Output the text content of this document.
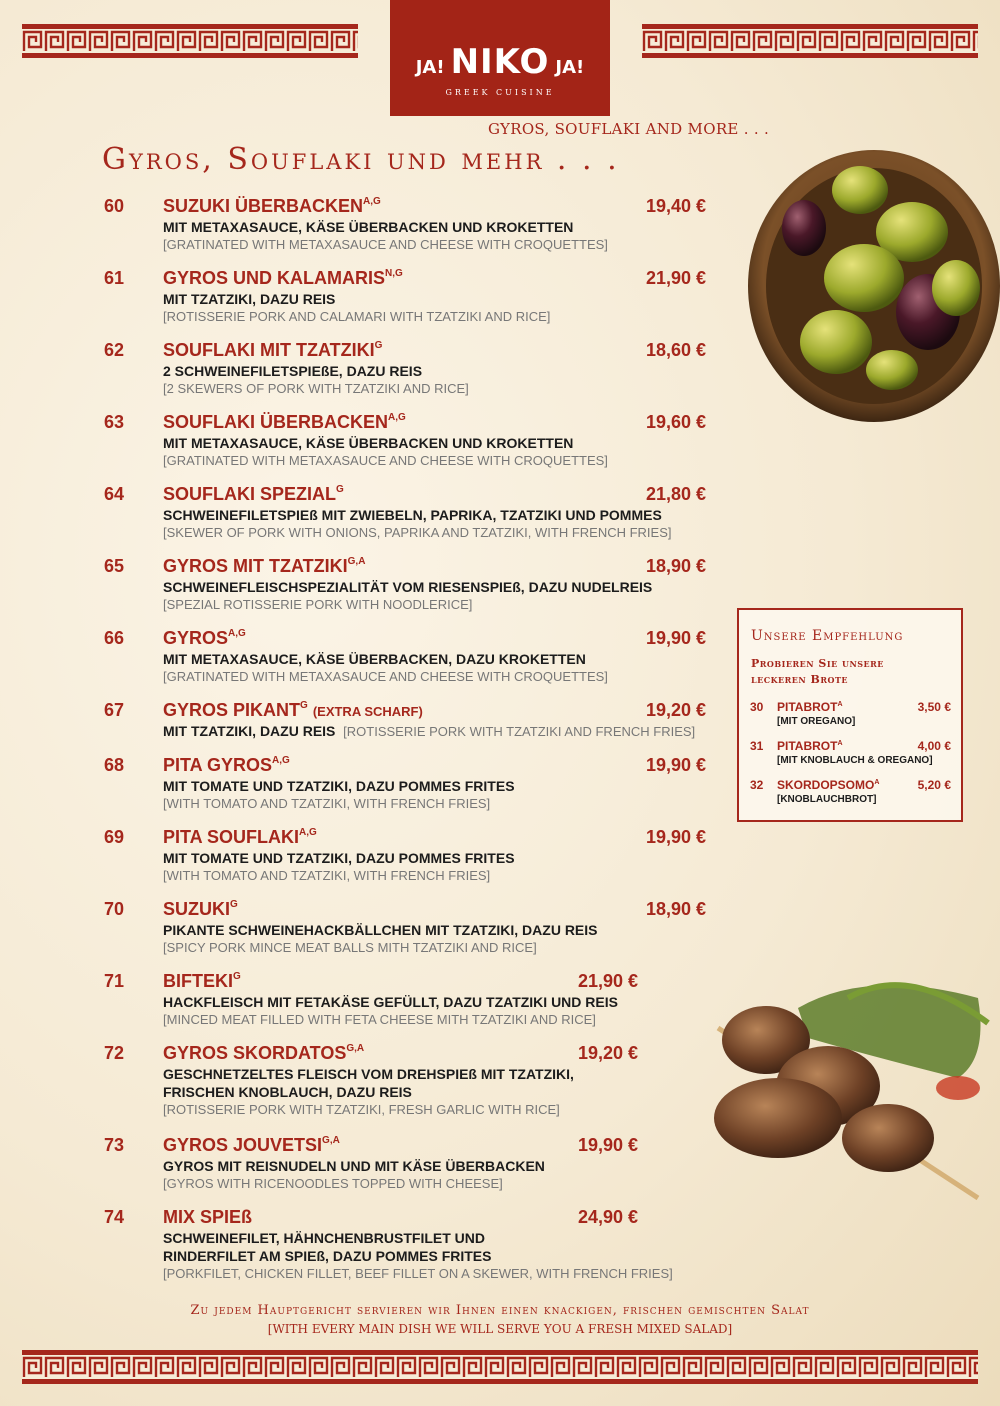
JA! NIKO JA!
GREEK CUISINE
GYROS, SOUFLAKI AND MORE . . .
Gyros, Souflaki und mehr . . .
60 SUZUKI $ÜBERBACKEN^{A,G}$	19,40 €
MIT METAXASAUCE, KÄSE ÜBERBACKEN UND KROKETTEN
[GRATINATED WITH METAXASAUCE AND CHEESE WITH CROQUETTES]
61 GYROS UND $KALAMARIS^{N,G}$	21,90 €
MIT TZATZIKI, DAZU REIS
[ROTISSERIE PORK AND CALAMARI WITH TZATZIKI AND RICE]
62 SOUFLAKI MIT $TZATZIKI^G$	18,60 €
2 SCHWEINEFILETSPIEßE, DAZU REIS
[2 SKEWERS OF PORK WITH TZATZIKI AND RICE]
63 SOUFLAKI $ÜBERBACKEN^{A,G}$	19,60 €
MIT METAXASAUCE, KÄSE ÜBERBACKEN UND KROKETTEN
[GRATINATED WITH METAXASAUCE AND CHEESE WITH CROQUETTES]
64 SOUFLAKI $SPEZIAL^G$	21,80 €
SCHWEINEFILETSPIEß MIT ZWIEBELN, PAPRIKA, TZATZIKI UND POMMES
[SKEWER OF PORK WITH ONIONS, PAPRIKA AND TZATZIKI, WITH FRENCH FRIES]
65 GYROS MIT $TZATZIKI^{G,A}$	18,90 €
SCHWEINEFLEISCHSPEZIALITÄT VOM RIESENSPIEß, DAZU NUDELREIS
[SPEZIAL ROTISSERIE PORK WITH NOODLERICE]
66 $GYROS^{A,G}$	19,90 €
MIT METAXASAUCE, KÄSE ÜBERBACKEN, DAZU KROKETTEN
[GRATINATED WITH METAXASAUCE AND CHEESE WITH CROQUETTES]
67 GYROS $PIKANT^G$ (EXTRA SCHARF)	19,20 €
MIT TZATZIKI, DAZU REIS [ROTISSERIE PORK WITH TZATZIKI AND FRENCH FRIES]
68 PITA $GYROS^{A,G}$	19,90 €
MIT TOMATE UND TZATZIKI, DAZU POMMES FRITES
[WITH TOMATO AND TZATZIKI, WITH FRENCH FRIES]
69 PITA $SOUFLAKI^{A,G}$	19,90 €
MIT TOMATE UND TZATZIKI, DAZU POMMES FRITES
[WITH TOMATO AND TZATZIKI, WITH FRENCH FRIES]
70 $SUZUKI^G$	18,90 €
PIKANTE SCHWEINEHACKBÄLLCHEN MIT TZATZIKI, DAZU REIS
[SPICY PORK MINCE MEAT BALLS MITH TZATZIKI AND RICE]
71 $BIFTEKI^G$	21,90 €
HACKFLEISCH MIT FETAKÄSE GEFÜLLT, DAZU TZATZIKI UND REIS
[MINCED MEAT FILLED WITH FETA CHEESE MITH TZATZIKI AND RICE]
72 GYROS $SKORDATOS^{G,A}$	19,20 €
GESCHNETZELTES FLEISCH VOM DREHSPIEß MIT TZATZIKI,
FRISCHEN KNOBLAUCH, DAZU REIS
[ROTISSERIE PORK WITH TZATZIKI, FRESH GARLIC WITH RICE]
73 GYROS $JOUVETSI^{G,A}$	19,90 €
GYROS MIT REISNUDELN UND MIT KÄSE ÜBERBACKEN
[GYROS WITH RICENOODLES TOPPED WITH CHEESE]
74 MIX SPIEß	24,90 €
SCHWEINEFILET, HÄHNCHENBRUSTFILET UND
RINDERFILET AM SPIEß, DAZU POMMES FRITES
[PORKFILET, CHICKEN FILLET, BEEF FILLET ON A SKEWER, WITH FRENCH FRIES]
Unsere Empfehlung
Probieren Sie unsere
leckeren Brote
30 $PITABROT^A$	3,50 €
[MIT OREGANO]
31 $PITABROT^A$	4,00 €
[MIT KNOBLAUCH & OREGANO]
32 $SKORDOPSOMO^A$	5,20 €
[KNOBLAUCHBROT]
Zu jedem Hauptgericht servieren wir Ihnen einen knackigen, frischen gemischten Salat
[WITH EVERY MAIN DISH WE WILL SERVE YOU A FRESH MIXED SALAD]
